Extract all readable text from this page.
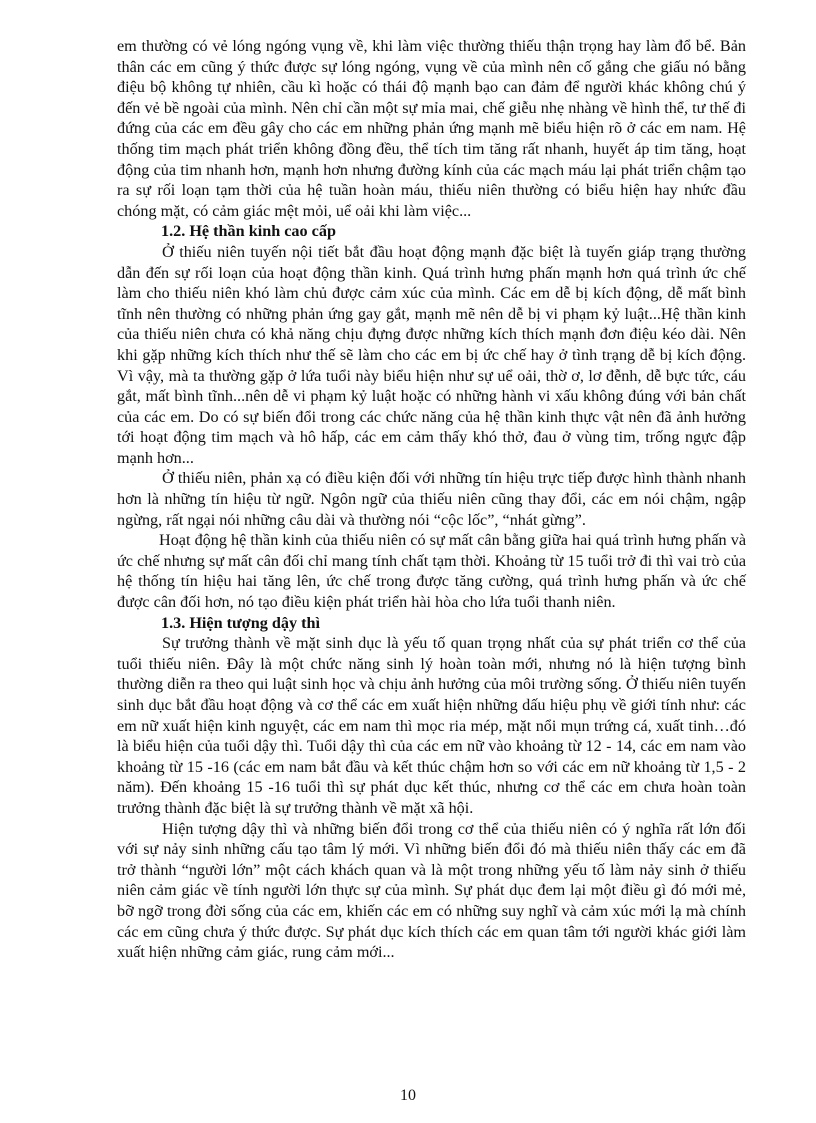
em thường có vẻ lóng ngóng vụng về, khi làm việc thường thiếu thận trọng hay làm đổ bể. Bản thân các em cũng ý thức được sự lóng ngóng, vụng về của mình nên cố gắng che giấu nó bằng điệu bộ không tự nhiên, cầu kì hoặc có thái độ mạnh bạo can đảm để người khác không chú ý đến vẻ bề ngoài của mình. Nên chỉ cần một sự mỉa mai, chế giễu nhẹ nhàng về hình thể, tư thế đi đứng của các em đều gây cho các em những phản ứng mạnh mẽ biểu hiện rõ ở các em nam. Hệ thống tim mạch phát triển không đồng đều, thể tích tim tăng rất nhanh, huyết áp tim tăng, hoạt động của tim nhanh hơn, mạnh hơn nhưng đường kính của các mạch máu lại phát triển chậm tạo ra sự rối loạn tạm thời của hệ tuần hoàn máu, thiếu niên thường có biểu hiện hay nhức đầu chóng mặt, có cảm giác mệt mỏi, uể oải khi làm việc...

1.2. Hệ thần kinh cao cấp

Ở thiếu niên tuyến nội tiết bắt đầu hoạt động mạnh đặc biệt là tuyến giáp trạng thường dẫn đến sự rối loạn của hoạt động thần kinh. Quá trình hưng phấn mạnh hơn quá trình ức chế làm cho thiếu niên khó làm chủ được cảm xúc của mình. Các em dễ bị kích động, dễ mất bình tĩnh nên thường có những phản ứng gay gắt, mạnh mẽ nên dễ bị vi phạm kỷ luật...Hệ thần kinh của thiếu niên chưa có khả năng chịu đựng được những kích thích mạnh đơn điệu kéo dài. Nên khi gặp những kích thích như thế sẽ làm cho các em bị ức chế hay ở tình trạng dễ bị kích động. Vì vậy, mà ta thường gặp ở lứa tuổi này biểu hiện như sự uể oải, thờ ơ, lơ đễnh, dễ bực tức, cáu gắt, mất bình tĩnh...nên dễ vi phạm kỷ luật hoặc có những hành vi xấu không đúng với bản chất của các em. Do có sự biến đổi trong các chức năng của hệ thần kinh thực vật nên đã ảnh hưởng tới hoạt động tim mạch và hô hấp, các em cảm thấy khó thở, đau ở vùng tim, trống ngực đập mạnh hơn...

Ở thiếu niên, phản xạ có điều kiện đối với những tín hiệu trực tiếp được hình thành nhanh hơn là những tín hiệu từ ngữ. Ngôn ngữ của thiếu niên cũng thay đổi, các em nói chậm, ngập ngừng, rất ngại nói những câu dài và thường nói “cộc lốc”, “nhát gừng”.

Hoạt động hệ thần kinh của thiếu niên có sự mất cân bằng giữa hai quá trình hưng phấn và ức chế nhưng sự mất cân đối chỉ mang tính chất tạm thời. Khoảng từ 15 tuổi trở đi thì vai trò của hệ thống tín hiệu hai tăng lên, ức chế trong được tăng cường, quá trình hưng phấn và ức chế được cân đối hơn, nó tạo điều kiện phát triển hài hòa cho lứa tuổi thanh niên.

1.3. Hiện tượng dậy thì

Sự trưởng thành về mặt sinh dục là yếu tố quan trọng nhất của sự phát triển cơ thể của tuổi thiếu niên. Đây là một chức năng sinh lý hoàn toàn mới, nhưng nó là hiện tượng bình thường diễn ra theo qui luật sinh học và chịu ảnh hưởng của môi trường sống. Ở thiếu niên tuyến sinh dục bắt đầu hoạt động và cơ thể các em xuất hiện những dấu hiệu phụ về giới tính như: các em nữ xuất hiện kinh nguyệt, các em nam thì mọc ria mép, mặt nổi mụn trứng cá, xuất tinh…đó là biểu hiện của tuổi dậy thì. Tuổi dậy thì của các em nữ vào khoảng từ 12 - 14, các em nam vào khoảng từ 15 -16 (các em nam bắt đầu và kết thúc chậm hơn so với các em nữ khoảng từ 1,5 - 2 năm). Đến khoảng 15 -16 tuổi thì sự phát dục kết thúc, nhưng cơ thể các em chưa hoàn toàn trưởng thành đặc biệt là sự trưởng thành về mặt xã hội.

Hiện tượng dậy thì và những biến đổi trong cơ thể của thiếu niên có ý nghĩa rất lớn đối với sự nảy sinh những cấu tạo tâm lý mới. Vì những biến đổi đó mà thiếu niên thấy các em đã trở thành “người lớn” một cách khách quan và là một trong những yếu tố làm nảy sinh ở thiếu niên cảm giác về tính người lớn thực sự của mình. Sự phát dục đem lại một điều gì đó mới mẻ, bỡ ngỡ trong đời sống của các em, khiến các em có những suy nghĩ và cảm xúc mới lạ mà chính các em cũng chưa ý thức được. Sự phát dục kích thích các em quan tâm tới người khác giới làm xuất hiện những cảm giác, rung cảm mới...

10
